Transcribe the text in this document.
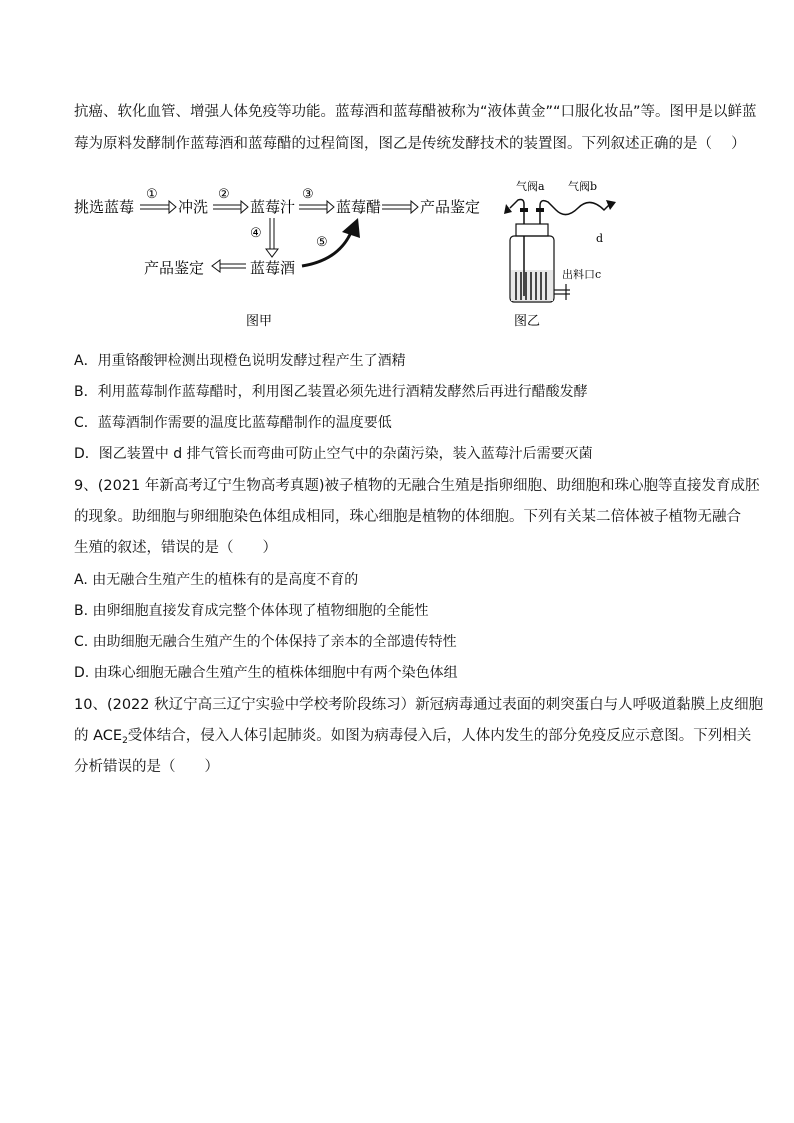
抗癌、软化血管、增强人体免疫等功能。蓝莓酒和蓝莓醋被称为“液体黄金”“口服化妆品”等。图甲是以鲜蓝
莓为原料发酵制作蓝莓酒和蓝莓醋的过程简图，图乙是传统发酵技术的装置图。下列叙述正确的是（　 ）
挑选蓝莓	冲洗	蓝莓汁	蓝莓醋	产品鉴定
产品鉴定	蓝莓酒
①	②	③
④
⑤
图甲
气阀a 气阀b
d
出料口c
图乙
A．用重铬酸钾检测出现橙色说明发酵过程产生了酒精
B．利用蓝莓制作蓝莓醋时，利用图乙装置必须先进行酒精发酵然后再进行醋酸发酵
C．蓝莓酒制作需要的温度比蓝莓醋制作的温度要低
D．图乙装置中 d 排气管长而弯曲可防止空气中的杂菌污染，装入蓝莓汁后需要灭菌
9、(2021 年新高考辽宁生物高考真题)被子植物的无融合生殖是指卵细胞、助细胞和珠心胞等直接发育成胚
的现象。助细胞与卵细胞染色体组成相同，珠心细胞是植物的体细胞。下列有关某二倍体被子植物无融合
生殖的叙述，错误的是（　　）
A. 由无融合生殖产生的植株有的是高度不育的
B. 由卵细胞直接发育成完整个体体现了植物细胞的全能性
C. 由助细胞无融合生殖产生的个体保持了亲本的全部遗传特性
D. 由珠心细胞无融合生殖产生的植株体细胞中有两个染色体组
10、(2022 秋辽宁高三辽宁实验中学校考阶段练习）新冠病毒通过表面的刺突蛋白与人呼吸道黏膜上皮细胞
的 $ACE_2$受体结合，侵入人体引起肺炎。如图为病毒侵入后，人体内发生的部分免疫反应示意图。下列相关
分析错误的是（　　）
